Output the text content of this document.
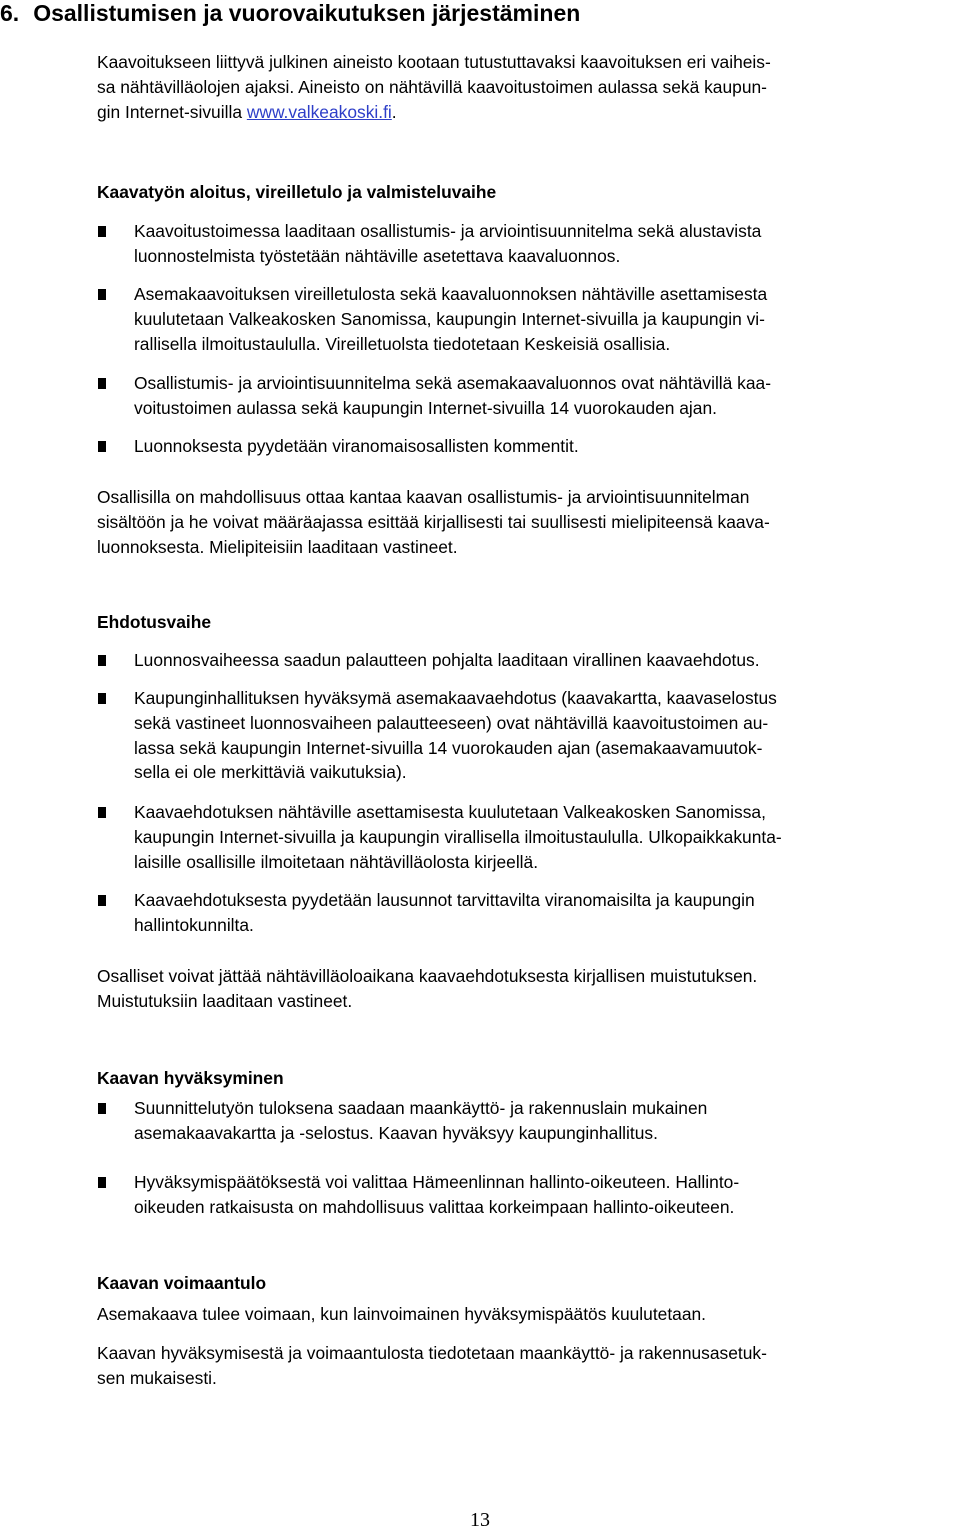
6. Osallistumisen ja vuorovaikutuksen järjestäminen
Kaavoitukseen liittyvä julkinen aineisto kootaan tutustuttavaksi kaavoituksen eri vaiheis-
sa nähtävilläolojen ajaksi. Aineisto on nähtävillä kaavoitustoimen aulassa sekä kaupun-
gin Internet-sivuilla www.valkeakoski.fi.
Kaavatyön aloitus, vireilletulo ja valmisteluvaihe
Kaavoitustoimessa laaditaan osallistumis- ja arviointisuunnitelma sekä alustavista
luonnostelmista työstetään nähtäville asetettava kaavaluonnos.
Asemakaavoituksen vireilletulosta sekä kaavaluonnoksen nähtäville asettamisesta
kuulutetaan Valkeakosken Sanomissa, kaupungin Internet-sivuilla ja kaupungin vi-
rallisella ilmoitustaululla. Vireilletuolsta tiedotetaan Keskeisiä osallisia.
Osallistumis- ja arviointisuunnitelma sekä asemakaavaluonnos ovat nähtävillä kaa-
voitustoimen aulassa sekä kaupungin Internet-sivuilla 14 vuorokauden ajan.
Luonnoksesta pyydetään viranomaisosallisten kommentit.
Osallisilla on mahdollisuus ottaa kantaa kaavan osallistumis- ja arviointisuunnitelman
sisältöön ja he voivat määräajassa esittää kirjallisesti tai suullisesti mielipiteensä kaava-
luonnoksesta. Mielipiteisiin laaditaan vastineet.
Ehdotusvaihe
Luonnosvaiheessa saadun palautteen pohjalta laaditaan virallinen kaavaehdotus.
Kaupunginhallituksen hyväksymä asemakaavaehdotus (kaavakartta, kaavaselostus
sekä vastineet luonnosvaiheen palautteeseen) ovat nähtävillä kaavoitustoimen au-
lassa sekä kaupungin Internet-sivuilla 14 vuorokauden ajan (asemakaavamuutok-
sella ei ole merkittäviä vaikutuksia).
Kaavaehdotuksen nähtäville asettamisesta kuulutetaan Valkeakosken Sanomissa,
kaupungin Internet-sivuilla ja kaupungin virallisella ilmoitustaululla. Ulkopaikkakunta-
laisille osallisille ilmoitetaan nähtävilläolosta kirjeellä.
Kaavaehdotuksesta pyydetään lausunnot tarvittavilta viranomaisilta ja kaupungin
hallintokunnilta.
Osalliset voivat jättää nähtävilläoloaikana kaavaehdotuksesta kirjallisen muistutuksen.
Muistutuksiin laaditaan vastineet.
Kaavan hyväksyminen
Suunnittelutyön tuloksena saadaan maankäyttö- ja rakennuslain mukainen
asemakaavakartta ja -selostus. Kaavan hyväksyy kaupunginhallitus.
Hyväksymispäätöksestä voi valittaa Hämeenlinnan hallinto-oikeuteen. Hallinto-
oikeuden ratkaisusta on mahdollisuus valittaa korkeimpaan hallinto-oikeuteen.
Kaavan voimaantulo
Asemakaava tulee voimaan, kun lainvoimainen hyväksymispäätös kuulutetaan.
Kaavan hyväksymisestä ja voimaantulosta tiedotetaan maankäyttö- ja rakennusasetuk-
sen mukaisesti.

13
